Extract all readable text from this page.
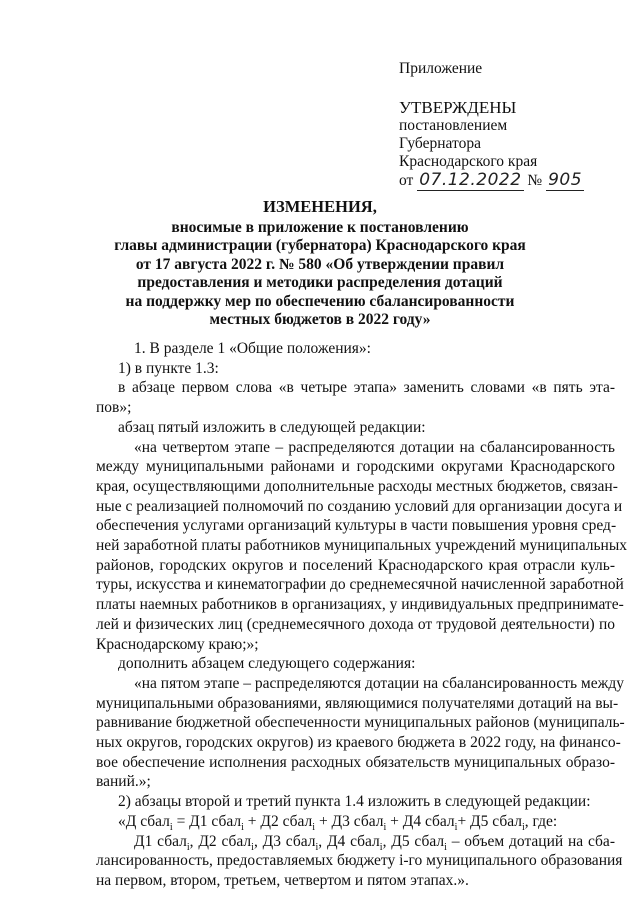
Приложение
УТВЕРЖДЕНЫ
постановлением
Губернатора
Краснодарского края
от 07.12.2022 № 905
ИЗМЕНЕНИЯ,
вносимые в приложение к постановлению
главы администрации (губернатора) Краснодарского края
от 17 августа 2022 г. № 580 «Об утверждении правил
предоставления и методики распределения дотаций
на поддержку мер по обеспечению сбалансированности
местных бюджетов в 2022 году»
1. В разделе 1 «Общие положения»:
1) в пункте 1.3:
в абзаце первом слова «в четыре этапа» заменить словами «в пять эта-
пов»;
абзац пятый изложить в следующей редакции:
«на четвертом этапе – распределяются дотации на сбалансированность
между муниципальными районами и городскими округами Краснодарского
края, осуществляющими дополнительные расходы местных бюджетов, связан-
ные с реализацией полномочий по созданию условий для организации досуга и
обеспечения услугами организаций культуры в части повышения уровня сред-
ней заработной платы работников муниципальных учреждений муниципальных
районов, городских округов и поселений Краснодарского края отрасли куль-
туры, искусства и кинематографии до среднемесячной начисленной заработной
платы наемных работников в организациях, у индивидуальных предпринимате-
лей и физических лиц (среднемесячного дохода от трудовой деятельности) по
Краснодарскому краю;»;
дополнить абзацем следующего содержания:
«на пятом этапе – распределяются дотации на сбалансированность между
муниципальными образованиями, являющимися получателями дотаций на вы-
равнивание бюджетной обеспеченности муниципальных районов (муниципаль-
ных округов, городских округов) из краевого бюджета в 2022 году, на финансо-
вое обеспечение исполнения расходных обязательств муниципальных образо-
ваний.»;
2) абзацы второй и третий пункта 1.4 изложить в следующей редакции:
«Д сбал$_i$ = Д1 сбал$_i$ + Д2 сбал$_i$ + Д3 сбал$_i$ + Д4 сбал$_i$+ Д5 сбал$_i$, где:
Д1 сбал$_i$, Д2 сбал$_i$, Д3 сбал$_i$, Д4 сбал$_i$, Д5 сбал$_i$ – объем дотаций на сба-
лансированность, предоставляемых бюджету i-го муниципального образования
на первом, втором, третьем, четвертом и пятом этапах.».
